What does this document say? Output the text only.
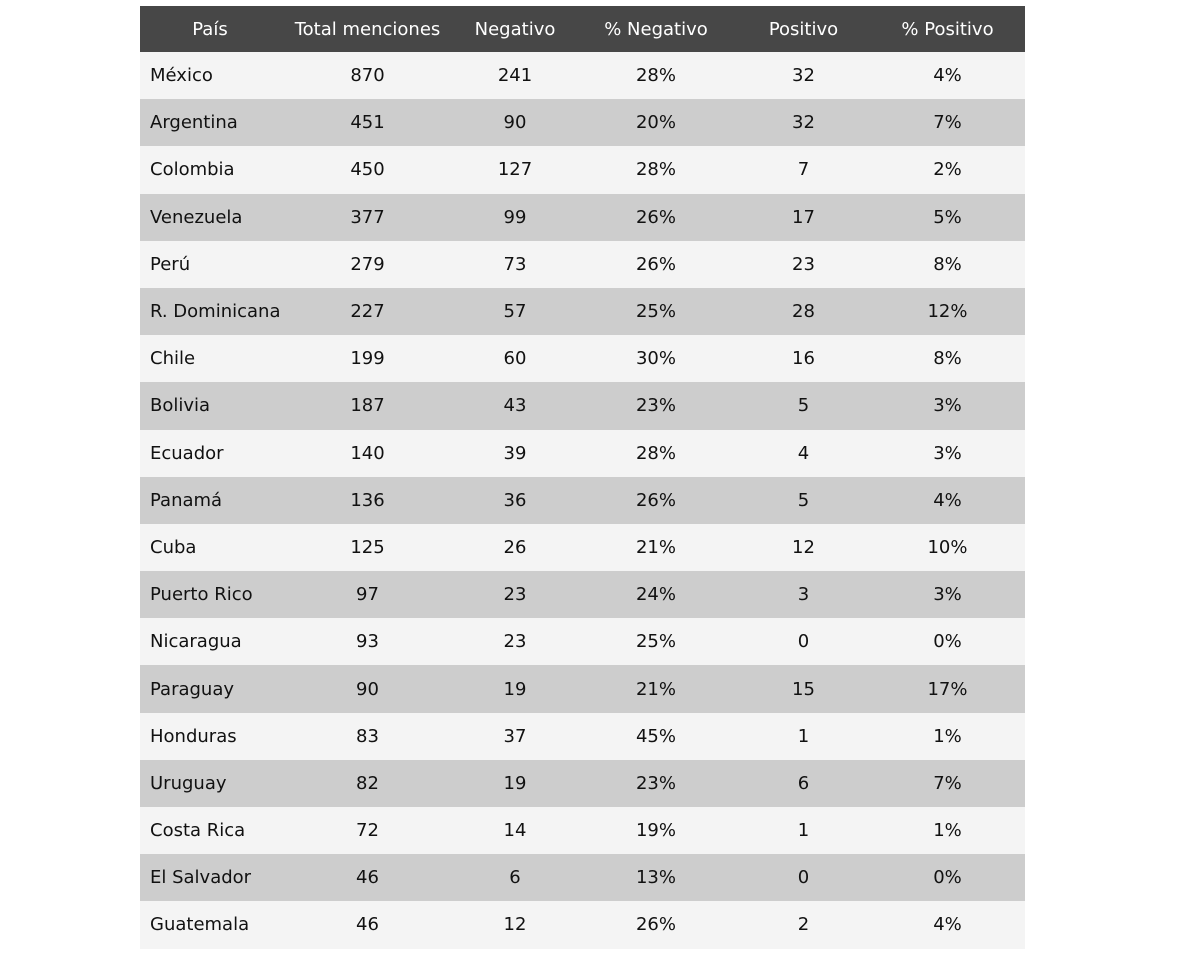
País	Total menciones	Negativo	% Negativo	Positivo	% Positivo
México	870	241	28%	32	4%
Argentina	451	90	20%	32	7%
Colombia	450	127	28%	7	2%
Venezuela	377	99	26%	17	5%
Perú	279	73	26%	23	8%
R. Dominicana	227	57	25%	28	12%
Chile	199	60	30%	16	8%
Bolivia	187	43	23%	5	3%
Ecuador	140	39	28%	4	3%
Panamá	136	36	26%	5	4%
Cuba	125	26	21%	12	10%
Puerto Rico	97	23	24%	3	3%
Nicaragua	93	23	25%	0	0%
Paraguay	90	19	21%	15	17%
Honduras	83	37	45%	1	1%
Uruguay	82	19	23%	6	7%
Costa Rica	72	14	19%	1	1%
El Salvador	46	6	13%	0	0%
Guatemala	46	12	26%	2	4%
